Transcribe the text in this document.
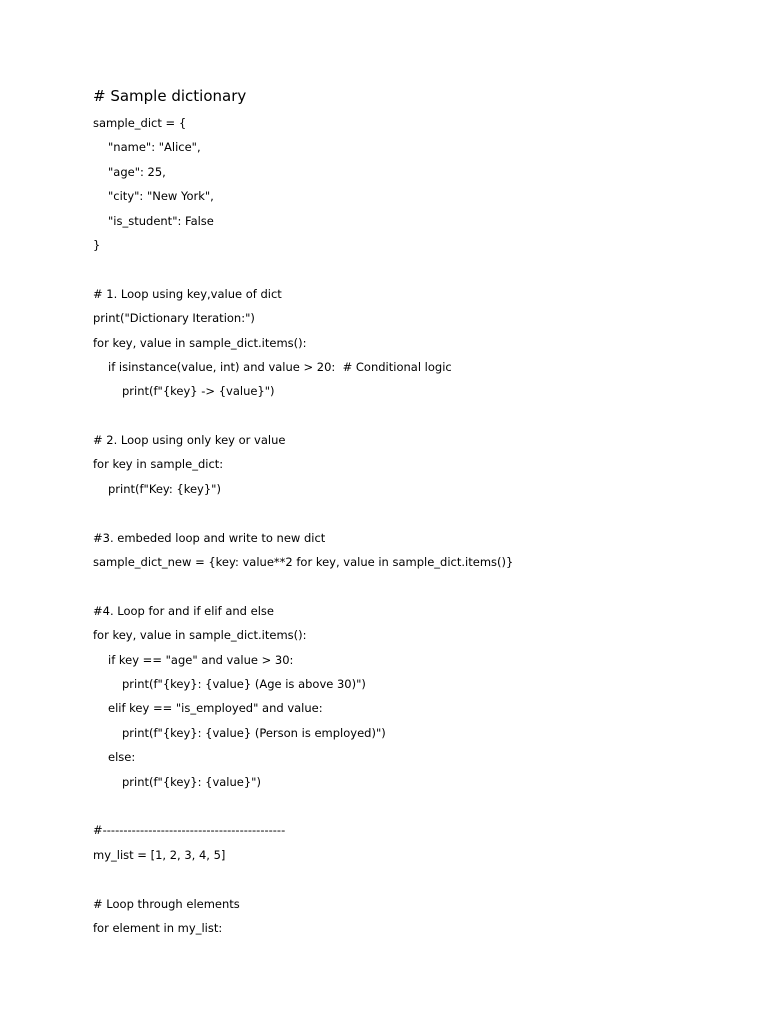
# Sample dictionary
sample_dict = {
"name": "Alice",
"age": 25,
"city": "New York",
"is_student": False
}
# 1. Loop using key,value of dict
print("Dictionary Iteration:")
for key, value in sample_dict.items():
if isinstance(value, int) and value > 20:  # Conditional logic
print(f"{key} -> {value}")
# 2. Loop using only key or value
for key in sample_dict:
print(f"Key: {key}")
#3. embeded loop and write to new dict
sample_dict_new = {key: value**2 for key, value in sample_dict.items()}
#4. Loop for and if elif and else
for key, value in sample_dict.items():
if key == "age" and value > 30:
print(f"{key}: {value} (Age is above 30)")
elif key == "is_employed" and value:
print(f"{key}: {value} (Person is employed)")
else:
print(f"{key}: {value}")
#--------------------------------------------
my_list = [1, 2, 3, 4, 5]
# Loop through elements
for element in my_list:
